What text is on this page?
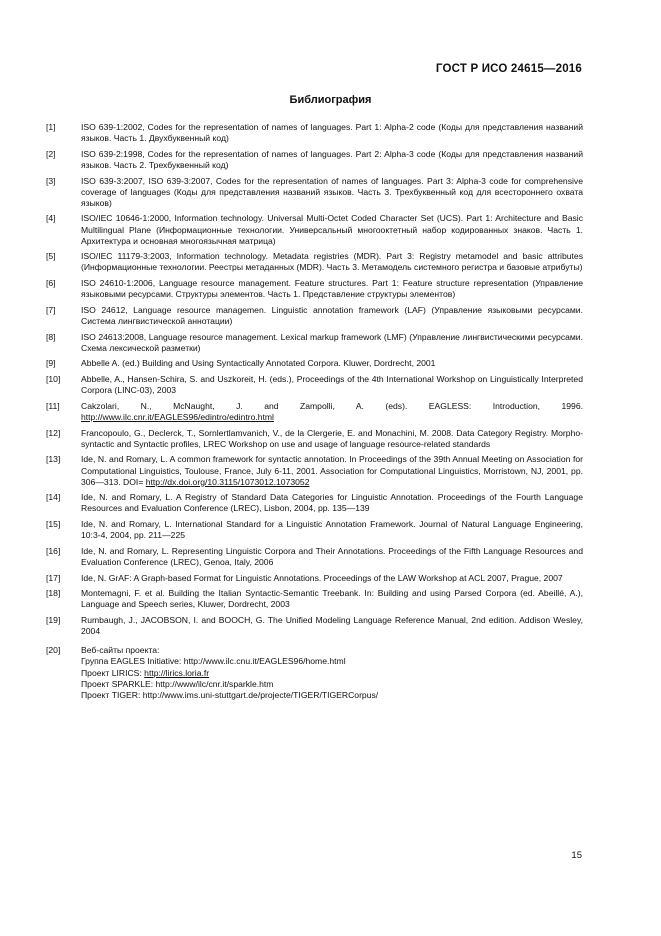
ГОСТ Р ИСО 24615—2016
Библиография
[1]	ISO 639-1:2002, Codes for the representation of names of languages. Part 1: Alpha-2 code (Коды для представления названий языков. Часть 1. Двухбуквенный код)
[2]	ISO 639-2:1998, Codes for the representation of names of languages. Part 2: Alpha-3 code (Коды для представления названий языков. Часть 2. Трехбуквенный код)
[3]	ISO 639-3:2007, ISO 639-3:2007, Codes for the representation of names of languages. Part 3: Alpha-3 code for comprehensive coverage of languages (Коды для представления названий языков. Часть 3. Трехбуквенный код для всестороннего охвата языков)
[4]	ISO/IEC 10646-1:2000, Information technology. Universal Multi-Octet Coded Character Set (UCS). Part 1: Architecture and Basic Multilingual Plane (Информационные технологии. Универсальный многооктетный набор кодированных знаков. Часть 1. Архитектура и основная многоязычная матрица)
[5]	ISO/IEC 11179-3:2003, Information technology. Metadata registries (MDR). Part 3: Registry metamodel and basic attributes (Информационные технологии. Реестры метаданных (MDR). Часть 3. Метамодель системного регистра и базовые атрибуты)
[6]	ISO 24610-1:2006, Language resource management. Feature structures. Part 1: Feature structure representation (Управление языковыми ресурсами. Структуры элементов. Часть 1. Представление структуры элементов)
[7]	ISO 24612, Language resource managemen. Linguistic annotation framework (LAF) (Управление языковыми ресурсами. Система лингвистической аннотации)
[8]	ISO 24613:2008, Language resource management. Lexical markup framework (LMF) (Управление лингвистическими ресурсами. Схема лексической разметки)
[9]	Abbelle A. (ed.) Building and Using Syntactically Annotated Corpora. Kluwer, Dordrecht, 2001
[10]	Abbelle, A., Hansen-Schira, S. and Uszkoreit, H. (eds.), Proceedings of the 4th International Workshop on Linguistically Interpreted Corpora (LINC-03), 2003
[11]	Cakzolari, N., McNaught, J. and Zampolli, A. (eds). EAGLESS: Introduction, 1996. http://www.ilc.cnr.it/EAGLES96/edintro/edintro.html
[12]	Francopoulo, G., Declerck, T., Sornlertlamvanich, V., de la Clergerie, E. and Monachini, M. 2008. Data Category Registry. Morpho-syntactic and Syntactic profiles, LREC Workshop on use and usage of language resource-related standards
[13]	Ide, N. and Romary, L. A common framework for syntactic annotation. In Proceedings of the 39th Annual Meeting on Association for Computational Linguistics, Toulouse, France, July 6-11, 2001. Association for Computational Linguistics, Morristown, NJ, 2001, pp. 306—313. DOI= http://dx.doi.org/10.3115/1073012.1073052
[14]	Ide, N. and Romary, L. A Registry of Standard Data Categories for Linguistic Annotation. Proceedings of the Fourth Language Resources and Evaluation Conference (LREC), Lisbon, 2004, pp. 135—139
[15]	Ide, N. and Romary, L. International Standard for a Linguistic Annotation Framework. Journal of Natural Language Engineering, 10:3-4, 2004, pp. 211—225
[16]	Ide, N. and Romary, L. Representing Linguistic Corpora and Their Annotations. Proceedings of the Fifth Language Resources and Evaluation Conference (LREC), Genoa, Italy, 2006
[17]	Ide, N. GrAF: A Graph-based Format for Linguistic Annotations. Proceedings of the LAW Workshop at ACL 2007, Prague, 2007
[18]	Montemagni, F. et al. Building the Italian Syntactic-Semantic Treebank. In: Building and using Parsed Corpora (ed. Abeillé, A.), Language and Speech series, Kluwer, Dordrecht, 2003
[19]	Rumbaugh, J., JACOBSON, I. and BOOCH, G. The Unified Modeling Language Reference Manual, 2nd edition. Addison Wesley, 2004
[20]	Веб-сайты проекта:
Группа EAGLES Initiative: http://www.ilc.cnu.it/EAGLES96/home.html
Проект LIRICS: http://lirics.loria.fr
Проект SPARKLE: http://www/ilc/cnr.it/sparkle.htm
Проект TIGER: http://www.ims.uni-stuttgart.de/projecte/TIGER/TIGERCorpus/
15
